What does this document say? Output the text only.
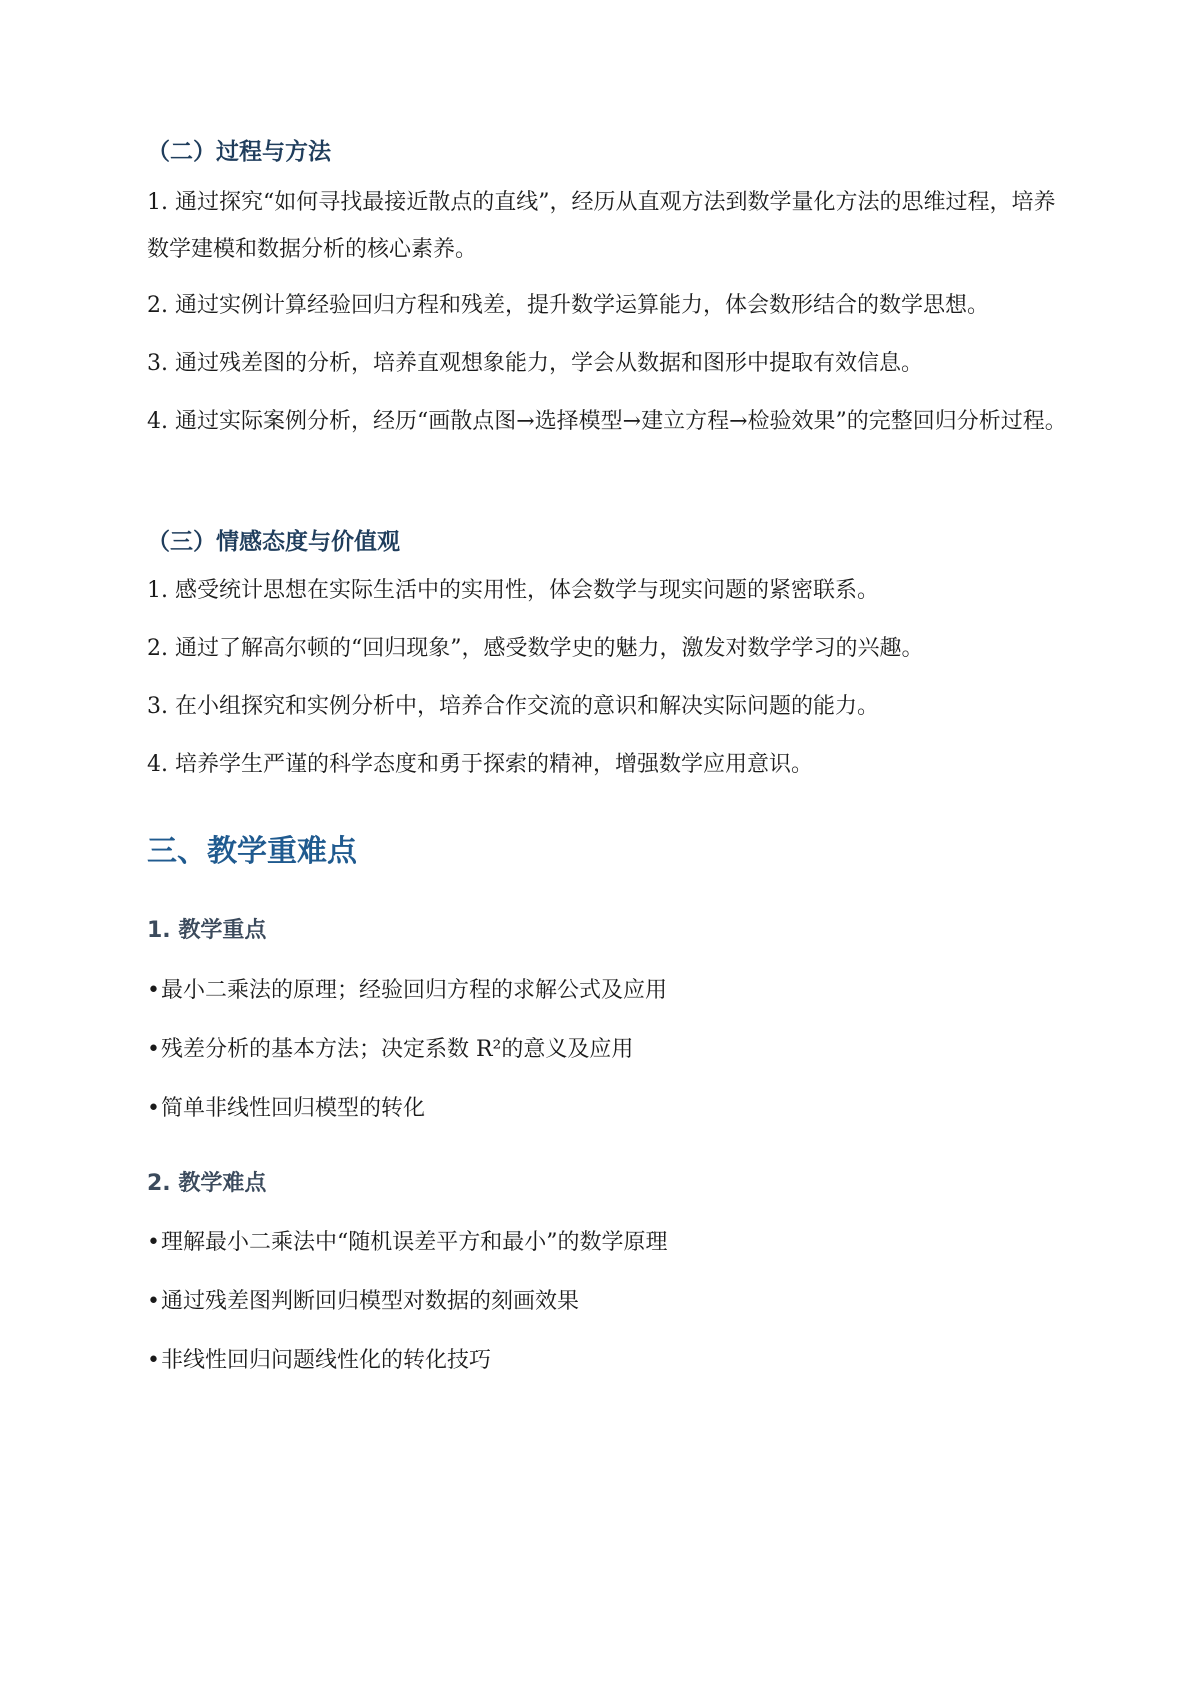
（二）过程与方法

1. 通过探究“如何寻找最接近散点的直线”，经历从直观方法到数学量化方法的思维过程，培养数学建模和数据分析的核心素养。

2. 通过实例计算经验回归方程和残差，提升数学运算能力，体会数形结合的数学思想。

3. 通过残差图的分析，培养直观想象能力，学会从数据和图形中提取有效信息。

4. 通过实际案例分析，经历“画散点图→选择模型→建立方程→检验效果”的完整回归分析过程。

（三）情感态度与价值观

1. 感受统计思想在实际生活中的实用性，体会数学与现实问题的紧密联系。

2. 通过了解高尔顿的“回归现象”，感受数学史的魅力，激发对数学学习的兴趣。

3. 在小组探究和实例分析中，培养合作交流的意识和解决实际问题的能力。

4. 培养学生严谨的科学态度和勇于探索的精神，增强数学应用意识。

三、教学重难点
1. 教学重点

•最小二乘法的原理；经验回归方程的求解公式及应用

•残差分析的基本方法；决定系数 R²的意义及应用

•简单非线性回归模型的转化

2. 教学难点

•理解最小二乘法中“随机误差平方和最小”的数学原理

•通过残差图判断回归模型对数据的刻画效果

•非线性回归问题线性化的转化技巧
